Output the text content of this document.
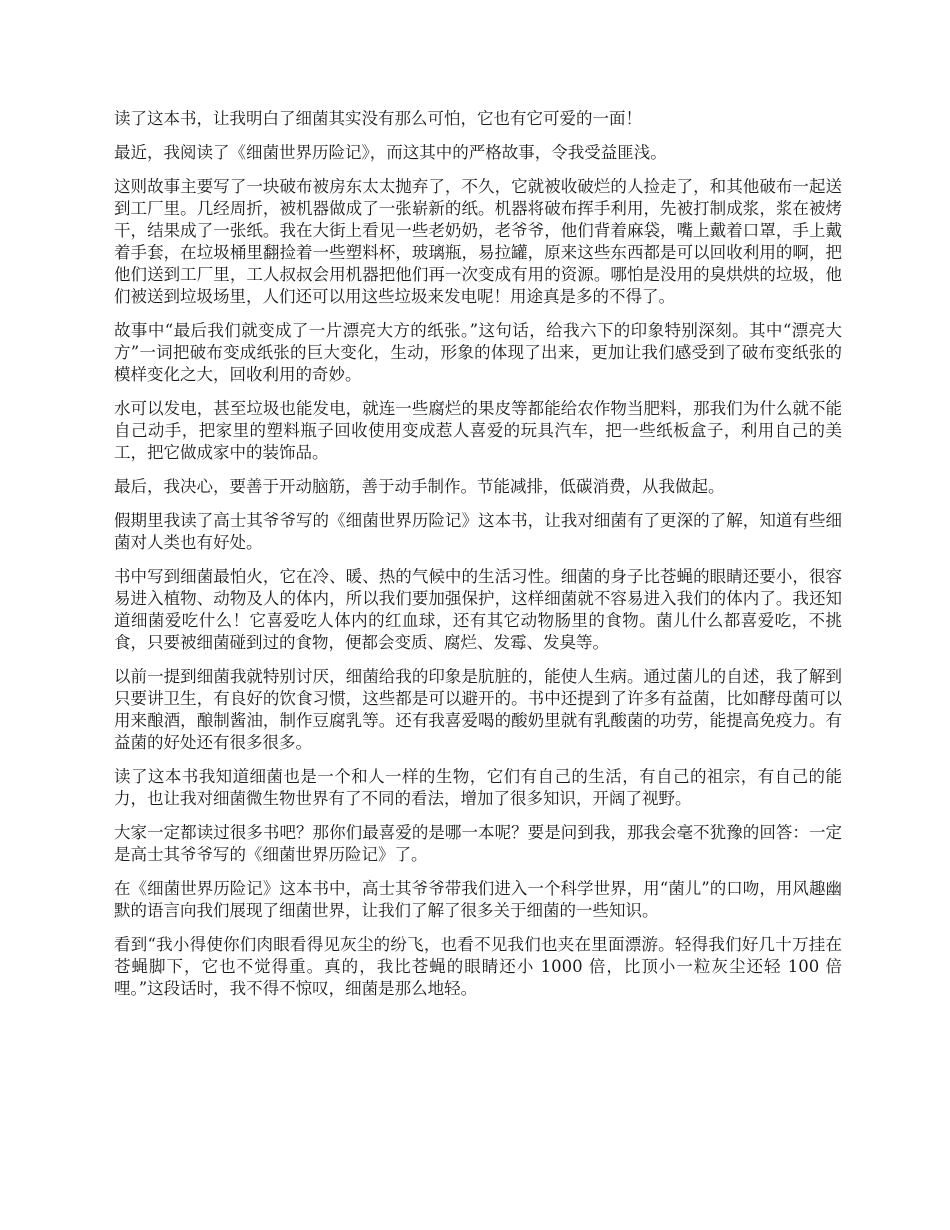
读了这本书，让我明白了细菌其实没有那么可怕，它也有它可爱的一面！

最近，我阅读了《细菌世界历险记》，而这其中的严格故事，令我受益匪浅。

这则故事主要写了一块破布被房东太太抛弃了，不久，它就被收破烂的人捡走了，和其他破布一起送到工厂里。几经周折，被机器做成了一张崭新的纸。机器将破布挥手利用，先被打制成浆，浆在被烤干，结果成了一张纸。我在大街上看见一些老奶奶，老爷爷，他们背着麻袋，嘴上戴着口罩，手上戴着手套，在垃圾桶里翻捡着一些塑料杯，玻璃瓶，易拉罐，原来这些东西都是可以回收利用的啊，把他们送到工厂里，工人叔叔会用机器把他们再一次变成有用的资源。哪怕是没用的臭烘烘的垃圾，他们被送到垃圾场里，人们还可以用这些垃圾来发电呢！用途真是多的不得了。

故事中“最后我们就变成了一片漂亮大方的纸张。”这句话，给我六下的印象特别深刻。其中“漂亮大方”一词把破布变成纸张的巨大变化，生动，形象的体现了出来，更加让我们感受到了破布变纸张的模样变化之大，回收利用的奇妙。

水可以发电，甚至垃圾也能发电，就连一些腐烂的果皮等都能给农作物当肥料，那我们为什么就不能自己动手，把家里的塑料瓶子回收使用变成惹人喜爱的玩具汽车，把一些纸板盒子，利用自己的美工，把它做成家中的装饰品。

最后，我决心，要善于开动脑筋，善于动手制作。节能减排，低碳消费，从我做起。

假期里我读了高士其爷爷写的《细菌世界历险记》这本书，让我对细菌有了更深的了解，知道有些细菌对人类也有好处。

书中写到细菌最怕火，它在冷、暖、热的气候中的生活习性。细菌的身子比苍蝇的眼睛还要小，很容易进入植物、动物及人的体内，所以我们要加强保护，这样细菌就不容易进入我们的体内了。我还知道细菌爱吃什么！它喜爱吃人体内的红血球，还有其它动物肠里的食物。菌儿什么都喜爱吃，不挑食，只要被细菌碰到过的食物，便都会变质、腐烂、发霉、发臭等。

以前一提到细菌我就特别讨厌，细菌给我的印象是肮脏的，能使人生病。通过菌儿的自述，我了解到只要讲卫生，有良好的饮食习惯，这些都是可以避开的。书中还提到了许多有益菌，比如酵母菌可以用来酿酒，酿制酱油，制作豆腐乳等。还有我喜爱喝的酸奶里就有乳酸菌的功劳，能提高免疫力。有益菌的好处还有很多很多。

读了这本书我知道细菌也是一个和人一样的生物，它们有自己的生活，有自己的祖宗，有自己的能力，也让我对细菌微生物世界有了不同的看法，增加了很多知识，开阔了视野。

大家一定都读过很多书吧？那你们最喜爱的是哪一本呢？要是问到我，那我会毫不犹豫的回答：一定是高士其爷爷写的《细菌世界历险记》了。

在《细菌世界历险记》这本书中，高士其爷爷带我们进入一个科学世界，用“菌儿”的口吻，用风趣幽默的语言向我们展现了细菌世界，让我们了解了很多关于细菌的一些知识。

看到“我小得使你们肉眼看得见灰尘的纷飞，也看不见我们也夹在里面漂游。轻得我们好几十万挂在苍蝇脚下，它也不觉得重。真的，我比苍蝇的眼睛还小 1000 倍，比顶小一粒灰尘还轻 100 倍哩。”这段话时，我不得不惊叹，细菌是那么地轻。
